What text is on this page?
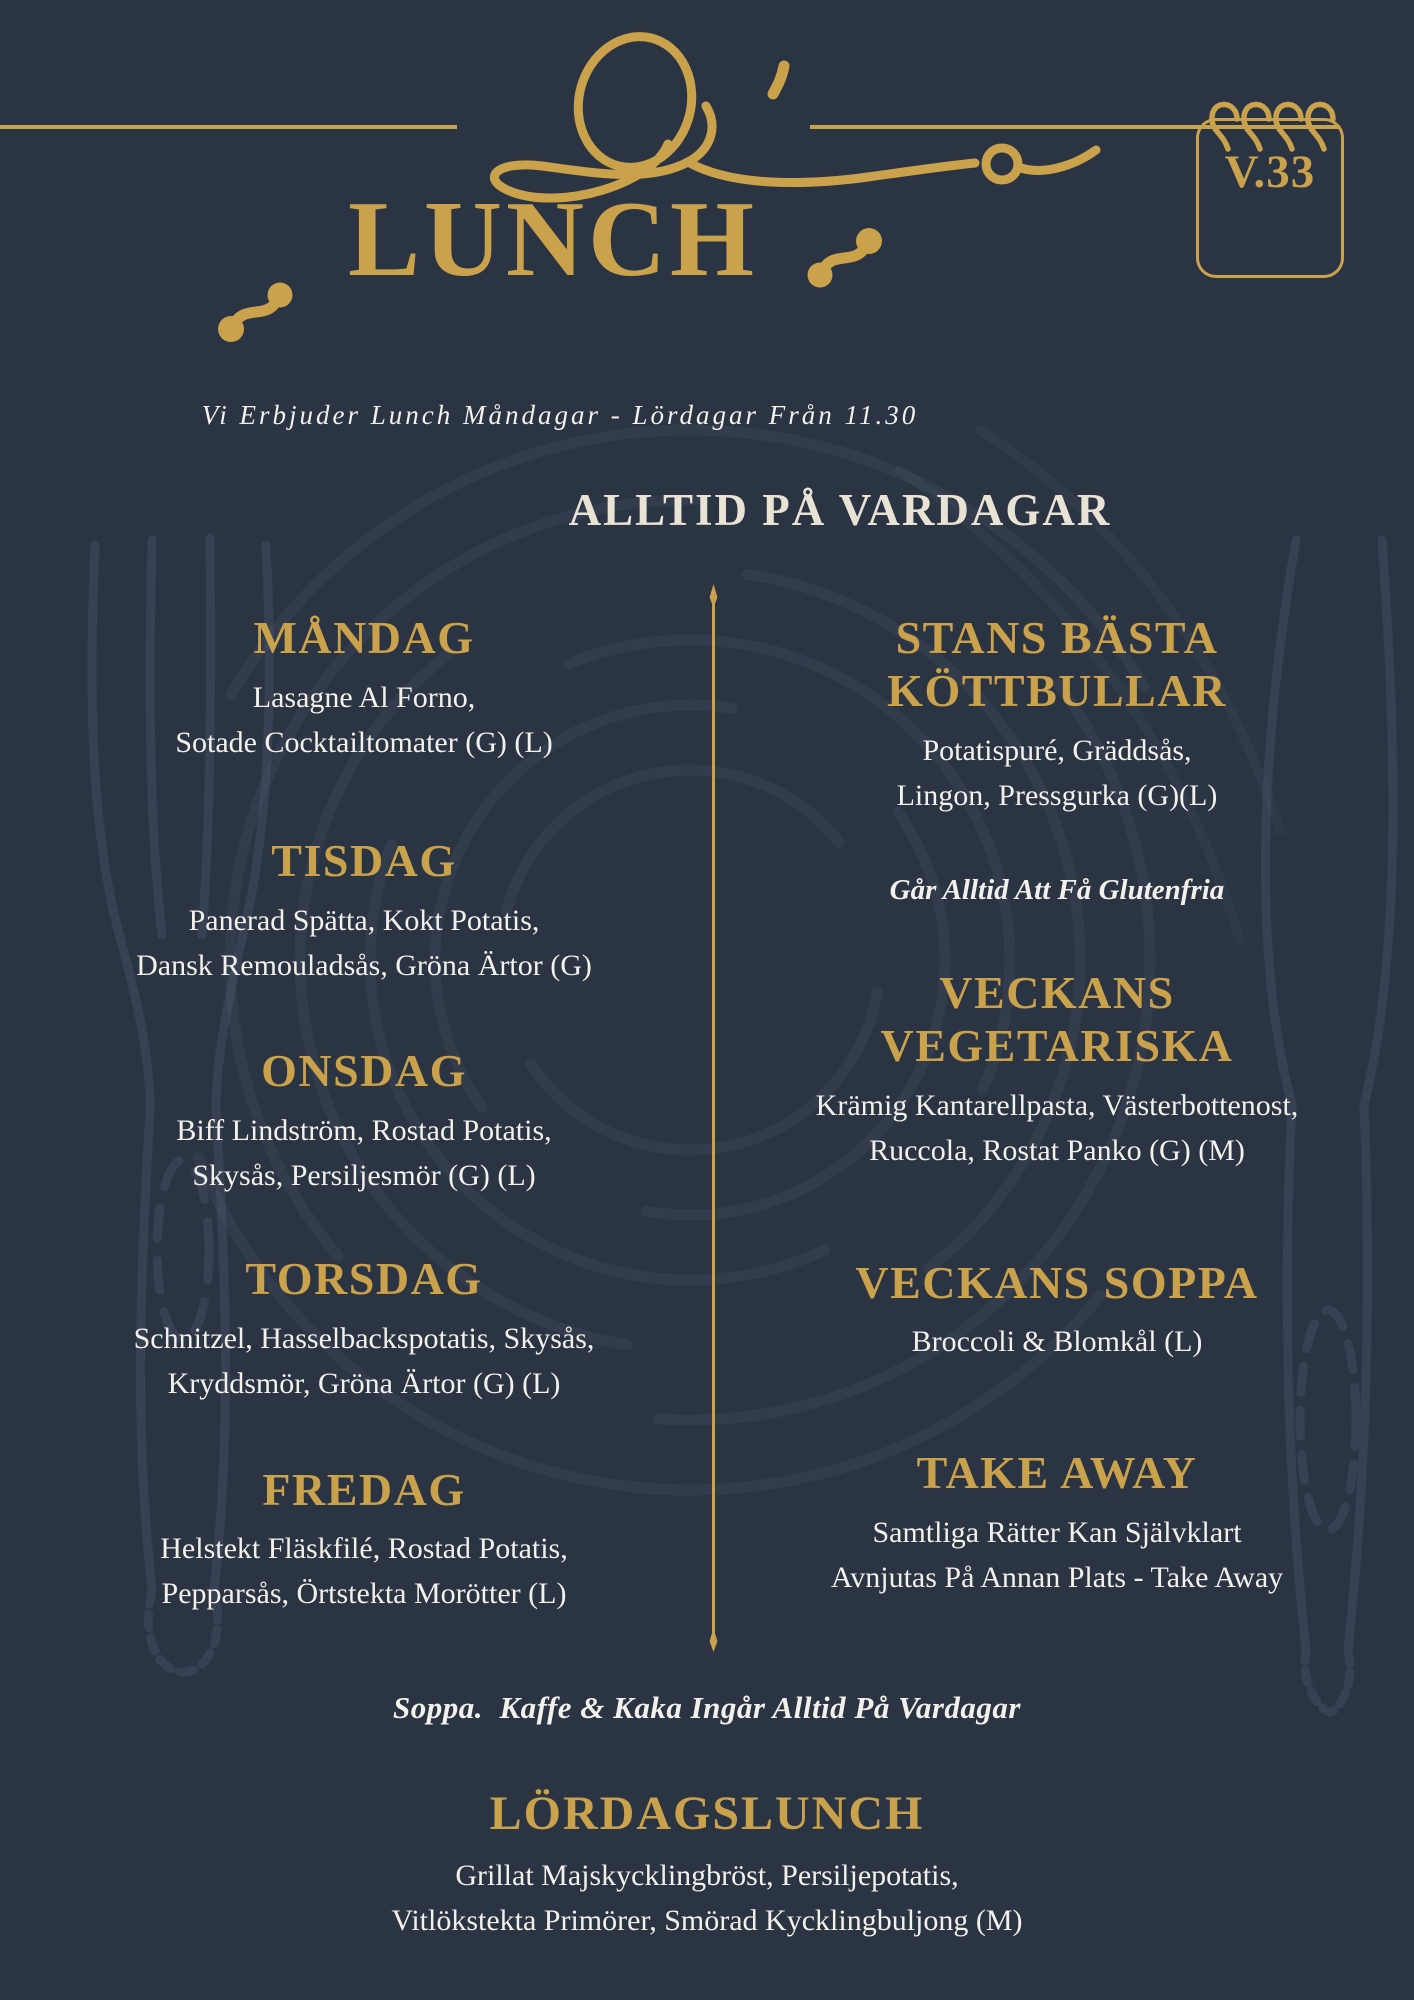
V.33
LUNCH
Vi Erbjuder Lunch Måndagar - Lördagar Från 11.30
ALLTID PÅ VARDAGAR
MÅNDAG

Lasagne Al Forno,

Sotade Cocktailtomater (G) (L)

TISDAG

Panerad Spätta, Kokt Potatis,

Dansk Remouladsås, Gröna Ärtor (G)

ONSDAG

Biff Lindström, Rostad Potatis,

Skysås, Persiljesmör (G) (L)

TORSDAG

Schnitzel, Hasselbackspotatis, Skysås,

Kryddsmör, Gröna Ärtor (G) (L)

FREDAG

Helstekt Fläskfilé, Rostad Potatis,

Pepparsås, Örtstekta Morötter (L)

STANS BÄSTA
KÖTTBULLAR

Potatispuré, Gräddsås,

Lingon, Pressgurka (G)(L)

Går Alltid Att Få Glutenfria

VECKANS
VEGETARISKA

Krämig Kantarellpasta, Västerbottenost,

Ruccola, Rostat Panko (G) (M)

VECKANS SOPPA

Broccoli & Blomkål (L)

TAKE AWAY

Samtliga Rätter Kan Självklart

Avnjutas På Annan Plats - Take Away

Soppa.  Kaffe & Kaka Ingår Alltid På Vardagar
LÖRDAGSLUNCH

Grillat Majskycklingbröst, Persiljepotatis,

Vitlökstekta Primörer, Smörad Kycklingbuljong (M)
